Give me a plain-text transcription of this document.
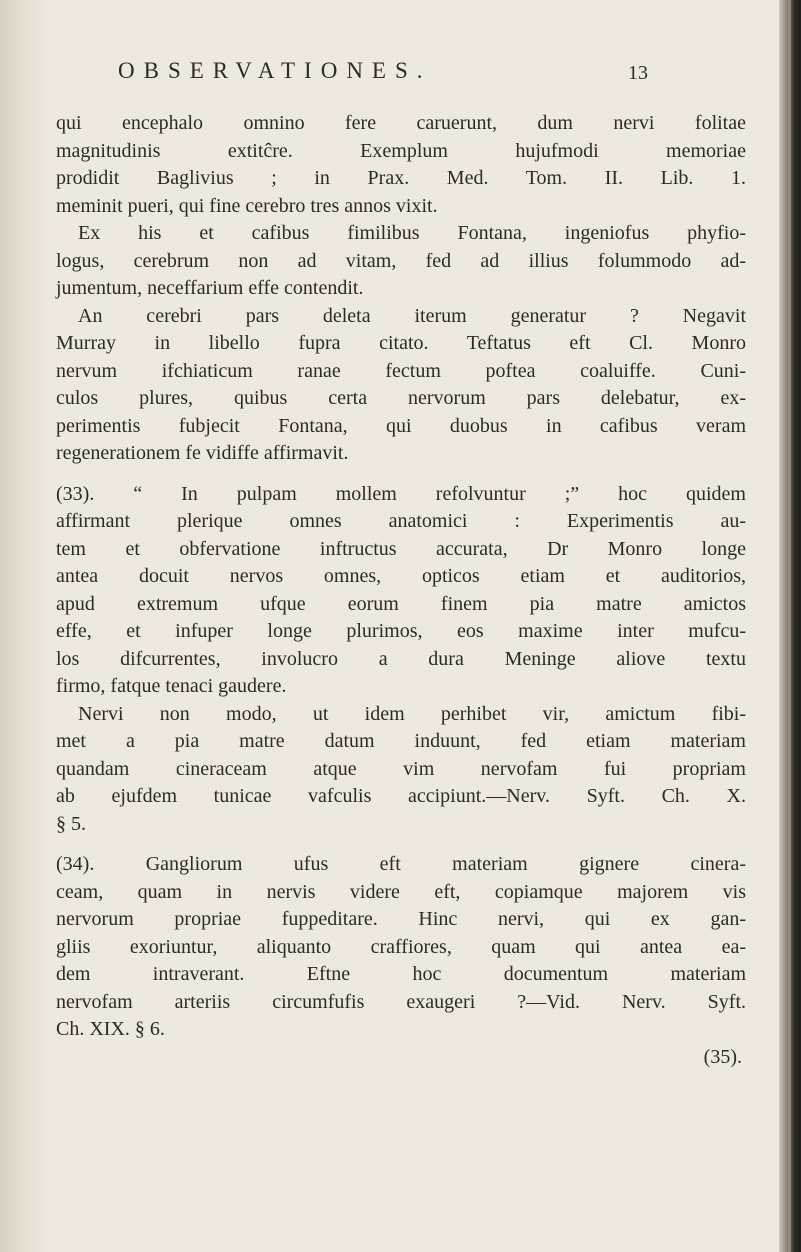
OBSERVATIONES.	13
qui encephalo omnino fere caruerunt, dum nervi folitae
magnitudinis extitĉre. Exemplum hujufmodi memoriae
prodidit Baglivius ; in Prax. Med. Tom. II. Lib. 1.
meminit pueri, qui fine cerebro tres annos vixit.
Ex his et cafibus fimilibus Fontana, ingeniofus phyfio-
logus, cerebrum non ad vitam, fed ad illius folummodo ad-
jumentum, neceffarium effe contendit.
An cerebri pars deleta iterum generatur ? Negavit
Murray in libello fupra citato. Teftatus eft Cl. Monro
nervum ifchiaticum ranae fectum poftea coaluiffe. Cuni-
culos plures, quibus certa nervorum pars delebatur, ex-
perimentis fubjecit Fontana, qui duobus in cafibus veram
regenerationem fe vidiffe affirmavit.
(33). “ In pulpam mollem refolvuntur ;” hoc quidem
affirmant plerique omnes anatomici : Experimentis au-
tem et obfervatione inftructus accurata, Dr Monro longe
antea docuit nervos omnes, opticos etiam et auditorios,
apud extremum ufque eorum finem pia matre amictos
effe, et infuper longe plurimos, eos maxime inter mufcu-
los difcurrentes, involucro a dura Meninge aliove textu
firmo, fatque tenaci gaudere.
Nervi non modo, ut idem perhibet vir, amictum fibi-
met a pia matre datum induunt, fed etiam materiam
quandam cineraceam atque vim nervofam fui propriam
ab ejufdem tunicae vafculis accipiunt.—Nerv. Syft. Ch. X.
§ 5.
(34). Gangliorum ufus eft materiam gignere cinera-
ceam, quam in nervis videre eft, copiamque majorem vis
nervorum propriae fuppeditare. Hinc nervi, qui ex gan-
gliis exoriuntur, aliquanto craffiores, quam qui antea ea-
dem intraverant. Eftne hoc documentum materiam
nervofam arteriis circumfufis exaugeri ?—Vid. Nerv. Syft.
Ch. XIX. § 6.
(35).
